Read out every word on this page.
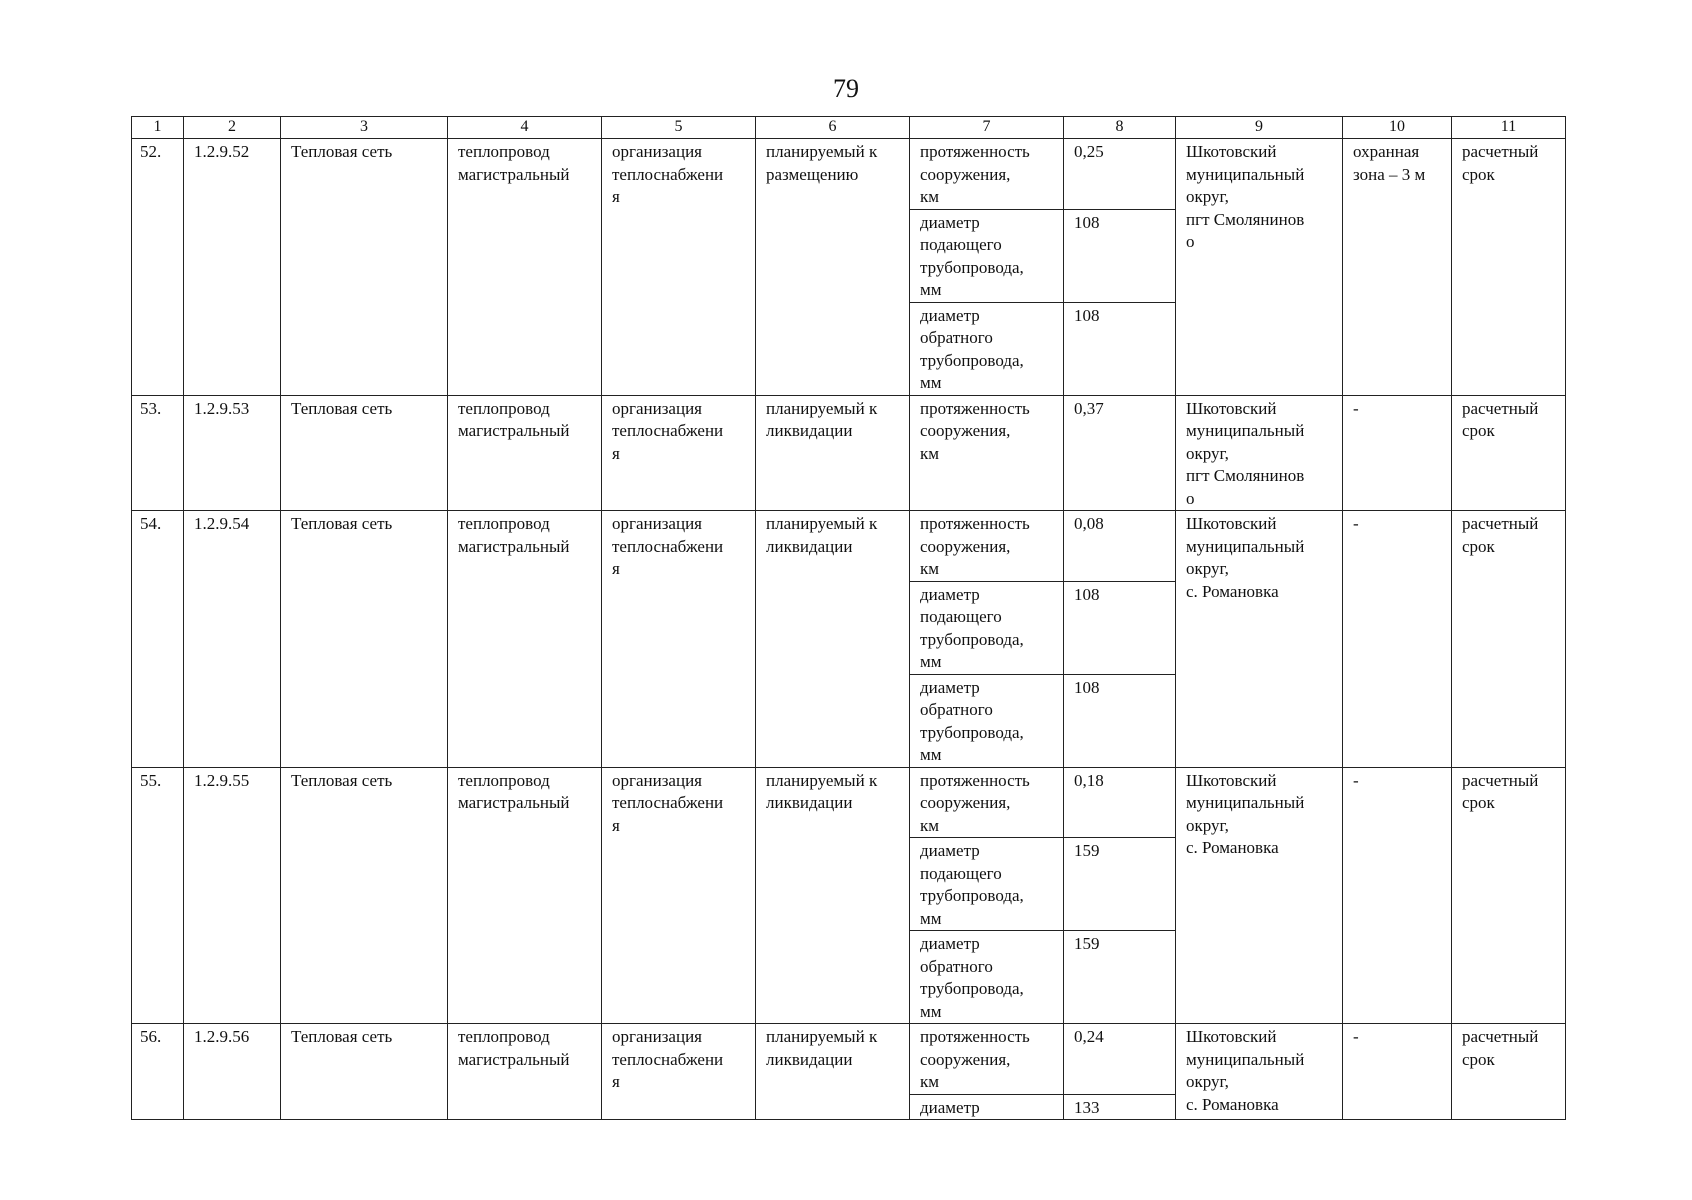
79
1	2	3	4	5	6	7	8	9	10	11
52.	1.2.9.52	Тепловая сеть	теплопровод
магистральный	организация
теплоснабжени
я	планируемый к
размещению	протяженность
сооружения,
км	0,25	Шкотовский
муниципальный
округ,
пгт Смолянинов
о	охранная
зона – 3 м	расчетный
срок
						диаметр
подающего
трубопровода,
мм	108			
						диаметр
обратного
трубопровода,
мм	108			
53.	1.2.9.53	Тепловая сеть	теплопровод
магистральный	организация
теплоснабжени
я	планируемый к
ликвидации	протяженность
сооружения,
км	0,37	Шкотовский
муниципальный
округ,
пгт Смолянинов
о	-	расчетный
срок
54.	1.2.9.54	Тепловая сеть	теплопровод
магистральный	организация
теплоснабжени
я	планируемый к
ликвидации	протяженность
сооружения,
км	0,08	Шкотовский
муниципальный
округ,
с. Романовка	-	расчетный
срок
						диаметр
подающего
трубопровода,
мм	108			
						диаметр
обратного
трубопровода,
мм	108			
55.	1.2.9.55	Тепловая сеть	теплопровод
магистральный	организация
теплоснабжени
я	планируемый к
ликвидации	протяженность
сооружения,
км	0,18	Шкотовский
муниципальный
округ,
с. Романовка	-	расчетный
срок
						диаметр
подающего
трубопровода,
мм	159			
						диаметр
обратного
трубопровода,
мм	159			
56.	1.2.9.56	Тепловая сеть	теплопровод
магистральный	организация
теплоснабжени
я	планируемый к
ликвидации	протяженность
сооружения,
км	0,24	Шкотовский
муниципальный
округ,
с. Романовка	-	расчетный
срок
						диаметр	133			
